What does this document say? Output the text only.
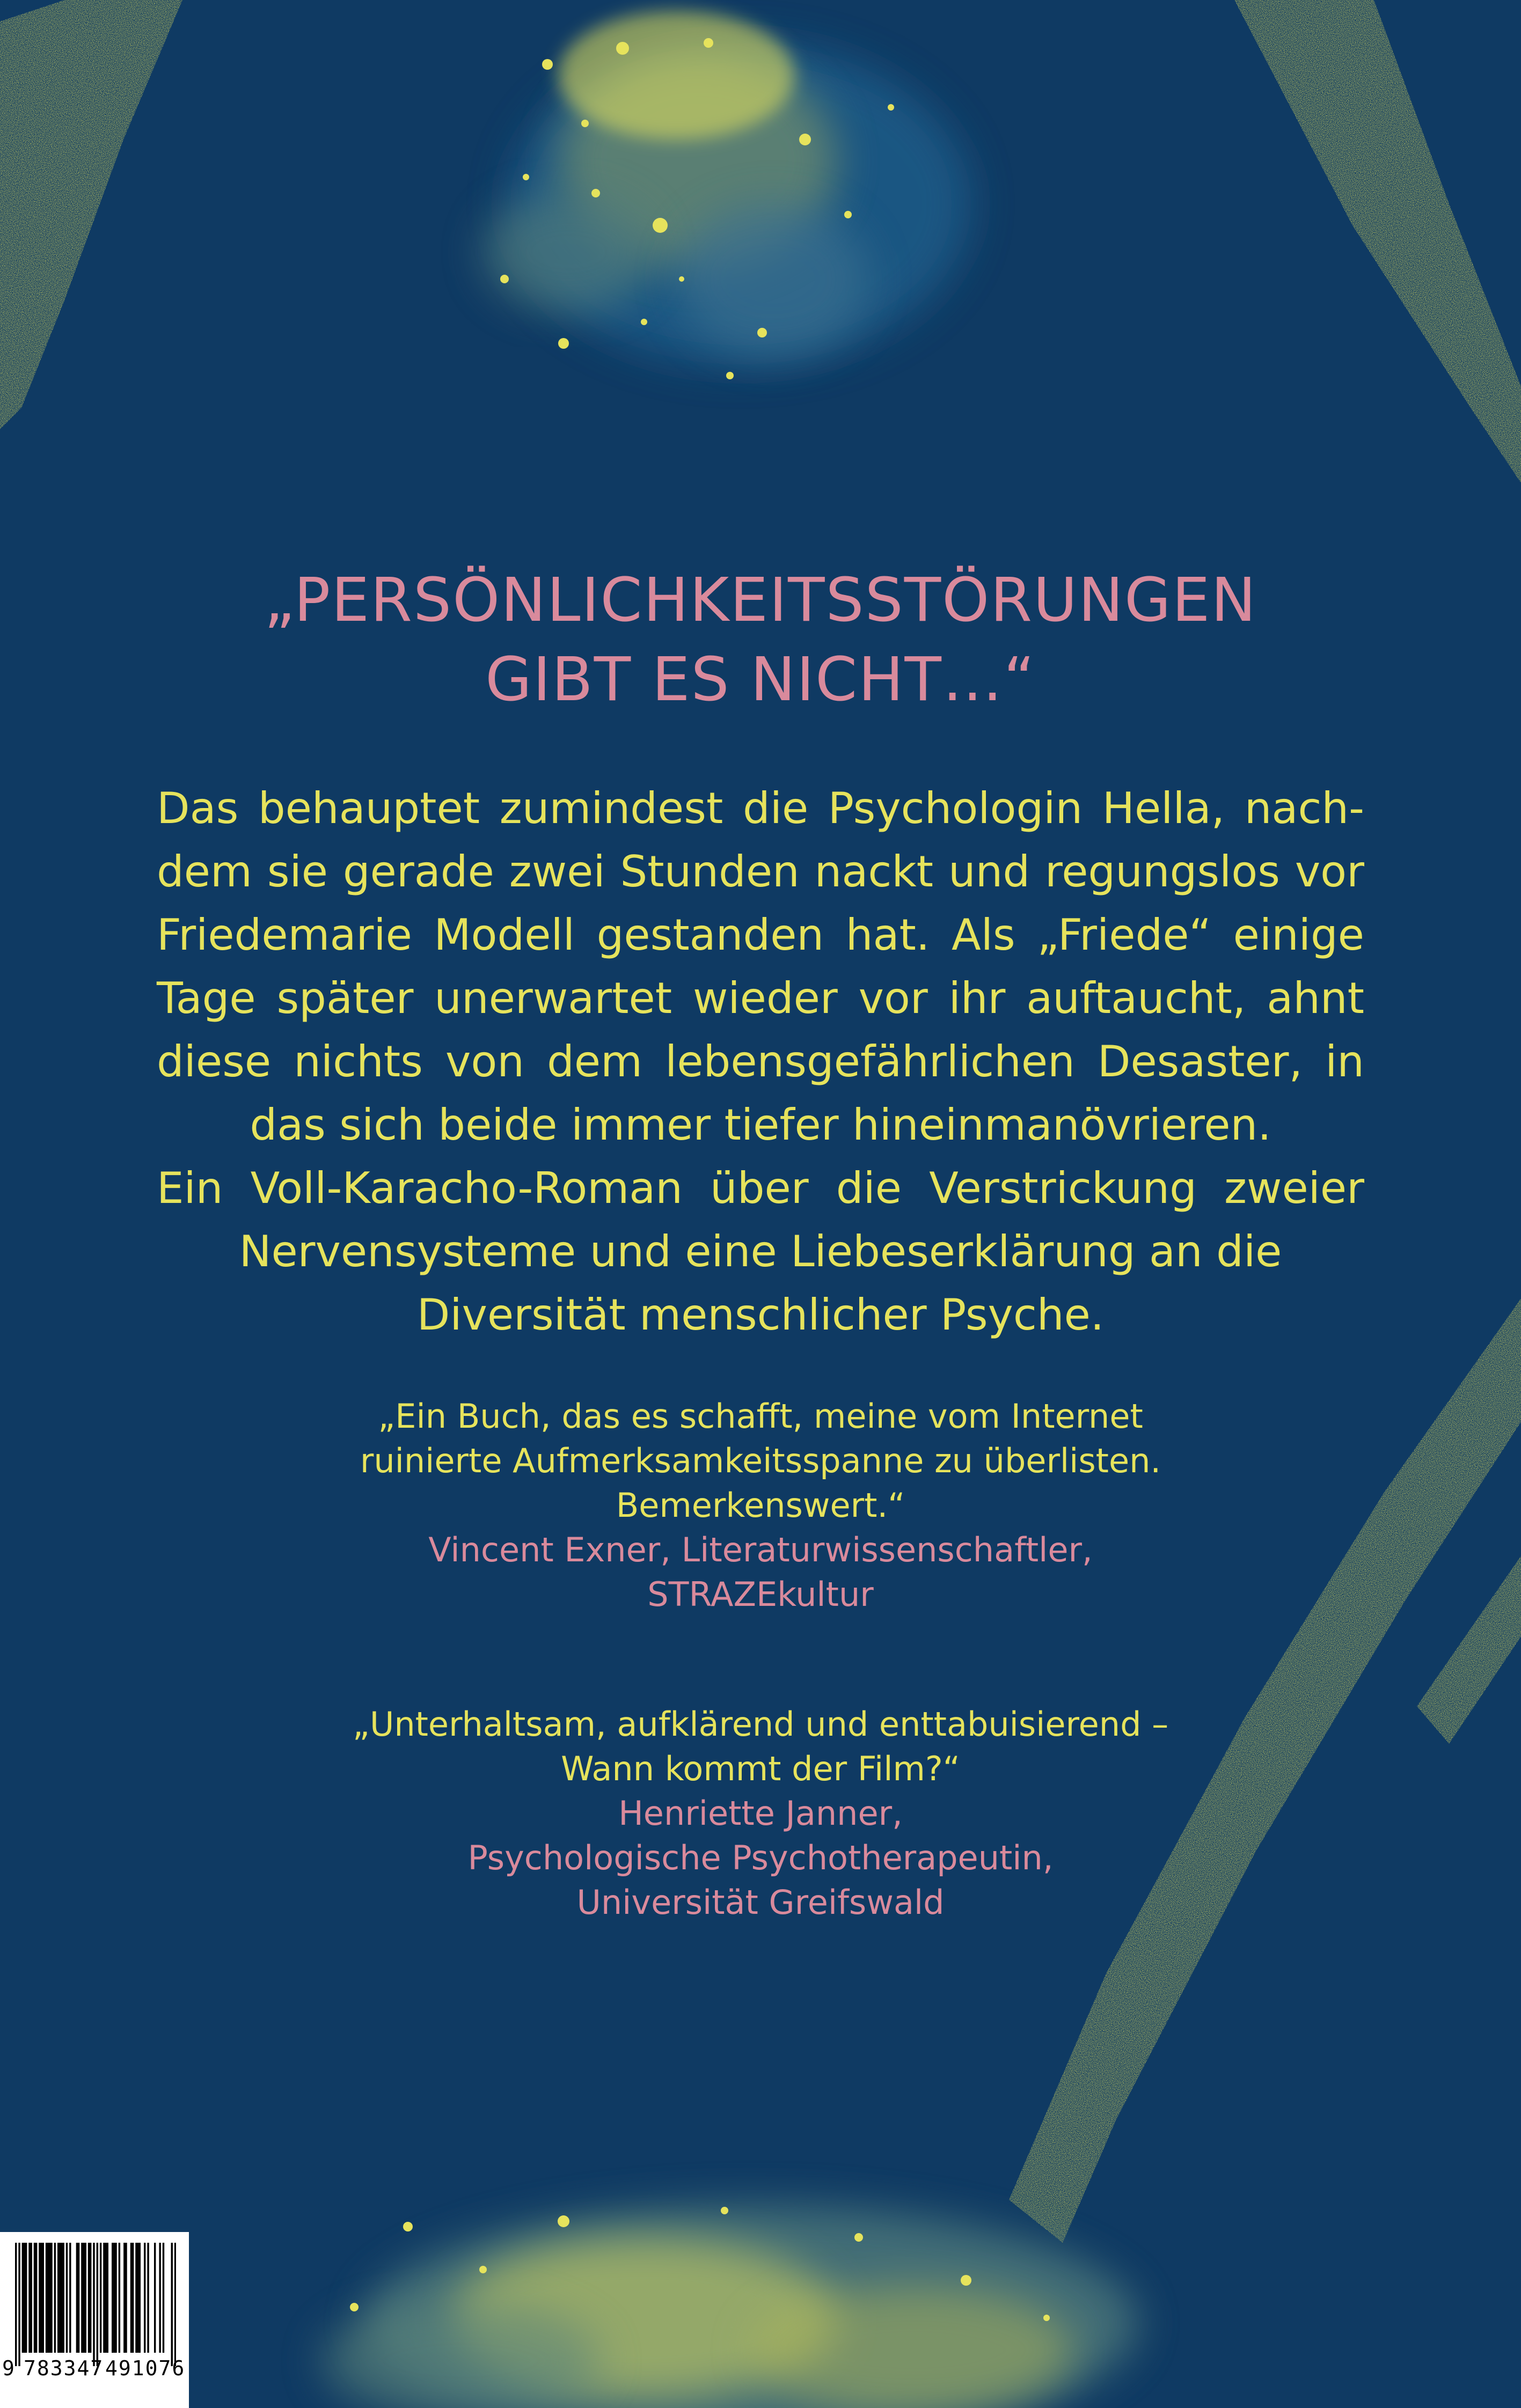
„PERSÖNLICHKEITSSTÖRUNGEN
GIBT ES NICHT…“
Das behauptet zumindest die Psychologin Hella, nach-
dem sie gerade zwei Stunden nackt und regungslos vor
Friedemarie Modell gestanden hat. Als „Friede“ einige
Tage später unerwartet wieder vor ihr auftaucht, ahnt
diese nichts von dem lebensgefährlichen Desaster, in
das sich beide immer tiefer hineinmanövrieren.
Ein Voll-Karacho-Roman über die Verstrickung zweier
Nervensysteme und eine Liebeserklärung an die
Diversität menschlicher Psyche.
„Ein Buch, das es schafft, meine vom Internet
ruinierte Aufmerksamkeitsspanne zu überlisten.
Bemerkenswert.“
Vincent Exner, Literaturwissenschaftler,
STRAZEkultur
„Unterhaltsam, aufklärend und enttabuisierend –
Wann kommt der Film?“
Henriette Janner,
Psychologische Psychotherapeutin,
Universität Greifswald
9 783347 491076
